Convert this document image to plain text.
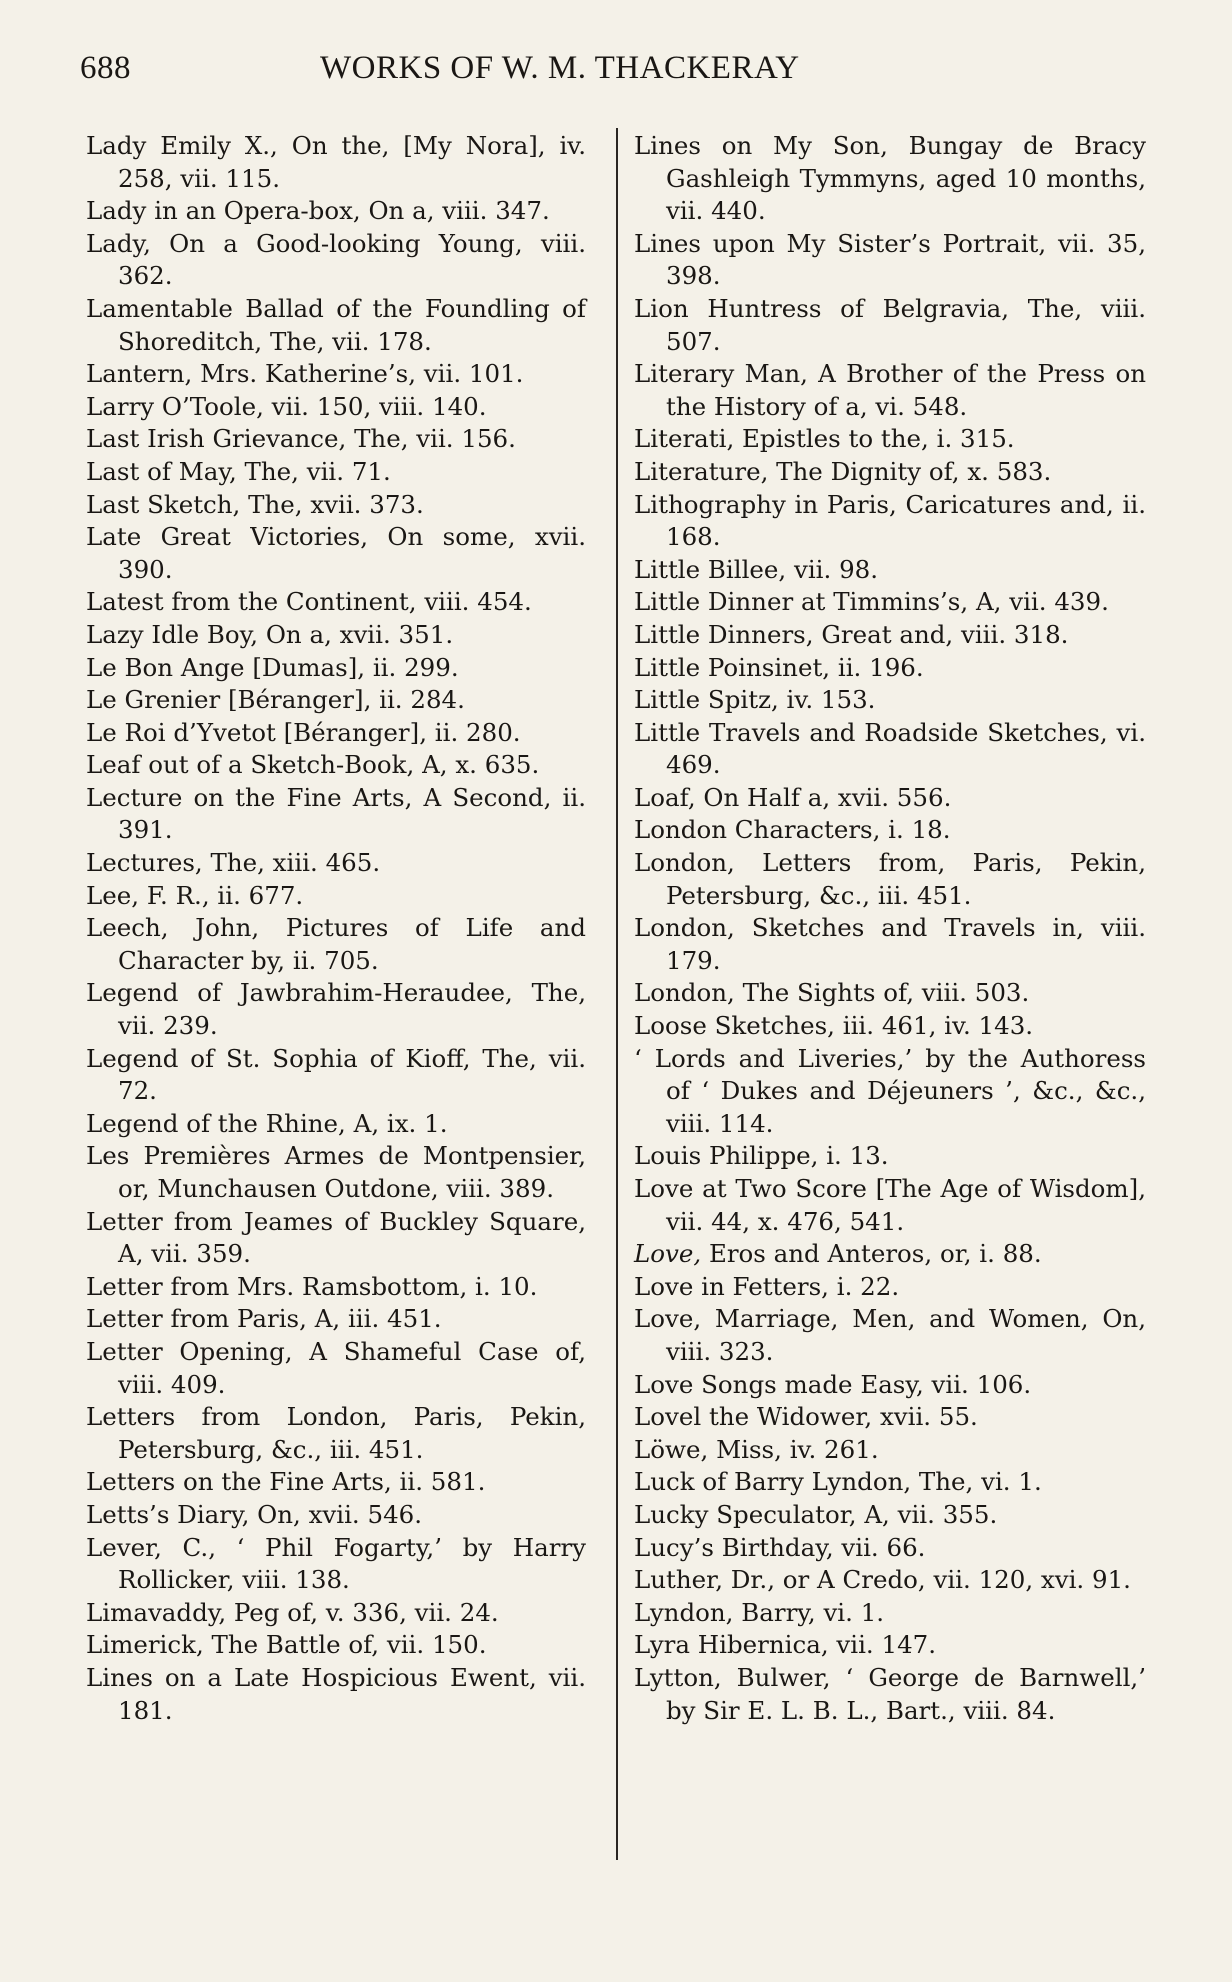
688	WORKS OF W. M. THACKERAY

Lady Emily X., On the, [My Nora], iv. 258, vii. 115.

Lady in an Opera-box, On a, viii. 347.

Lady, On a Good-looking Young, viii. 362.

Lamentable Ballad of the Foundling of Shoreditch, The, vii. 178.

Lantern, Mrs. Katherine’s, vii. 101.

Larry O’Toole, vii. 150, viii. 140.

Last Irish Grievance, The, vii. 156.

Last of May, The, vii. 71.

Last Sketch, The, xvii. 373.

Late Great Victories, On some, xvii. 390.

Latest from the Continent, viii. 454.

Lazy Idle Boy, On a, xvii. 351.

Le Bon Ange [Dumas], ii. 299.

Le Grenier [Béranger], ii. 284.

Le Roi d’Yvetot [Béranger], ii. 280.

Leaf out of a Sketch-Book, A, x. 635.

Lecture on the Fine Arts, A Second, ii. 391.

Lectures, The, xiii. 465.

Lee, F. R., ii. 677.

Leech, John, Pictures of Life and Character by, ii. 705.

Legend of Jawbrahim-Heraudee, The, vii. 239.

Legend of St. Sophia of Kioff, The, vii. 72.

Legend of the Rhine, A, ix. 1.

Les Premières Armes de Montpensier, or, Munchausen Outdone, viii. 389.

Letter from Jeames of Buckley Square, A, vii. 359.

Letter from Mrs. Ramsbottom, i. 10.

Letter from Paris, A, iii. 451.

Letter Opening, A Shameful Case of, viii. 409.

Letters from London, Paris, Pekin, Petersburg, &c., iii. 451.

Letters on the Fine Arts, ii. 581.

Letts’s Diary, On, xvii. 546.

Lever, C., ‘ Phil Fogarty,’ by Harry Rollicker, viii. 138.

Limavaddy, Peg of, v. 336, vii. 24.

Limerick, The Battle of, vii. 150.

Lines on a Late Hospicious Ewent, vii. 181.

Lines on My Son, Bungay de Bracy Gashleigh Tymmyns, aged 10 months, vii. 440.

Lines upon My Sister’s Portrait, vii. 35, 398.

Lion Huntress of Belgravia, The, viii. 507.

Literary Man, A Brother of the Press on the History of a, vi. 548.

Literati, Epistles to the, i. 315.

Literature, The Dignity of, x. 583.

Lithography in Paris, Caricatures and, ii. 168.

Little Billee, vii. 98.

Little Dinner at Timmins’s, A, vii. 439.

Little Dinners, Great and, viii. 318.

Little Poinsinet, ii. 196.

Little Spitz, iv. 153.

Little Travels and Roadside Sketches, vi. 469.

Loaf, On Half a, xvii. 556.

London Characters, i. 18.

London, Letters from, Paris, Pekin, Petersburg, &c., iii. 451.

London, Sketches and Travels in, viii. 179.

London, The Sights of, viii. 503.

Loose Sketches, iii. 461, iv. 143.

‘ Lords and Liveries,’ by the Authoress of ‘ Dukes and Déjeuners ’, &c., &c., viii. 114.

Louis Philippe, i. 13.

Love at Two Score [The Age of Wisdom], vii. 44, x. 476, 541.

Love, Eros and Anteros, or, i. 88.

Love in Fetters, i. 22.

Love, Marriage, Men, and Women, On, viii. 323.

Love Songs made Easy, vii. 106.

Lovel the Widower, xvii. 55.

Löwe, Miss, iv. 261.

Luck of Barry Lyndon, The, vi. 1.

Lucky Speculator, A, vii. 355.

Lucy’s Birthday, vii. 66.

Luther, Dr., or A Credo, vii. 120, xvi. 91.

Lyndon, Barry, vi. 1.

Lyra Hibernica, vii. 147.

Lytton, Bulwer, ‘ George de Barnwell,’ by Sir E. L. B. L., Bart., viii. 84.
